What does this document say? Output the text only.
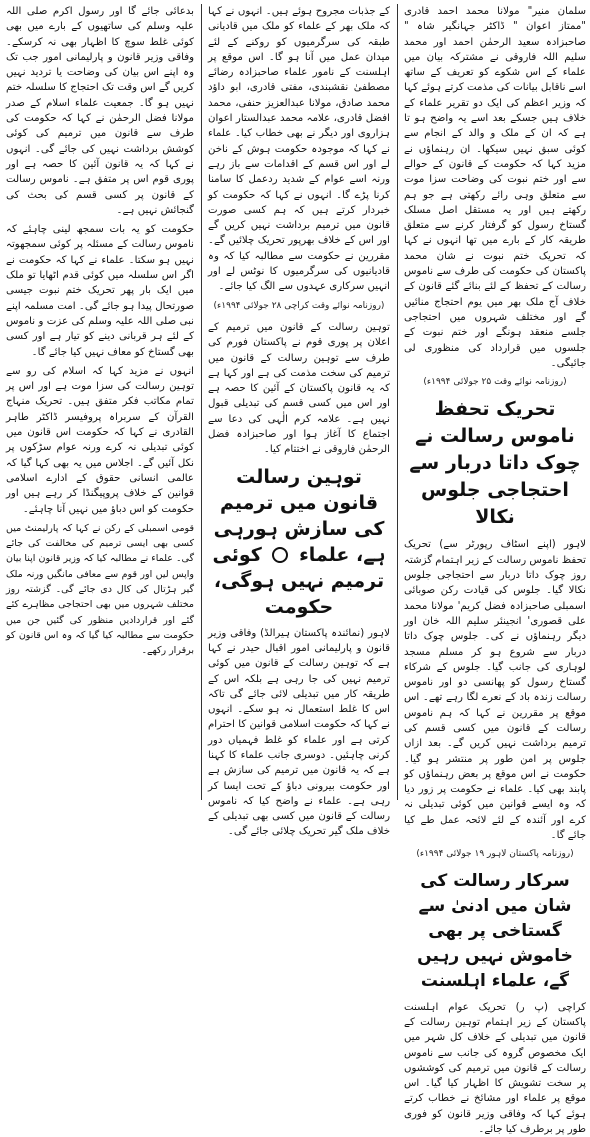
سلمان منیر" مولانا محمد احمد قادری "ممتاز اعوان " ڈاکٹر جہانگیر شاہ " صاحبزادہ سعید الرحمٰن احمد اور محمد سلیم اللہ فاروقی نے مشترکہ بیان میں علماء کے اس شکوے کو تعریف کے ساتھ اسے ناقابل بیانات کی مذمت کرتے ہوئے کہا کہ وزیر اعظم کی ایک دو تقریر علماء کے خلاف ہیں جسکے بعد اسے یہ واضح ہو تا ہے کہ ان کے ملک و والد کے انجام سے کوئی سبق نہیں سیکھا۔ ان رہنماؤں نے مزید کہا کہ حکومت کے قانون کے حوالے سے اور ختم نبوت کی وضاحت سزا موت سے متعلق وہی رائے رکھتی ہے جو ہم رکھتے ہیں اور یہ مستقل اصل مسلک گستاخ رسول کو گرفتار کرنے سے متعلق طریقہ کار کے بارے میں تھا انہوں نے کہا کہ تحریک ختم نبوت نے شان محمد پاکستان کی حکومت کی طرف سے ناموس رسالت کے تحفظ کے لئے بنائے گئے قانون کے خلاف آج ملک بھر میں یوم احتجاج منائیں گے اور مختلف شہروں میں احتجاجی جلسے منعقد ہونگے اور ختم نبوت کے جلسوں میں قرارداد کی منظوری لی جائیگی۔

(روزنامہ نوائے وقت ۲۵ جولائی ۱۹۹۴ء)
تحریک تحفظ ناموس رسالت نے چوک داتا دربار سے احتجاجی جلوس نکالا

لاہور (اپنے اسٹاف رپورٹر سے) تحریک تحفظ ناموس رسالت کے زیر اہتمام گزشتہ روز چوک داتا دربار سے احتجاجی جلوس نکالا گیا۔ جلوس کی قیادت رکن صوبائی اسمبلی صاحبزادہ فضل کریم' مولانا محمد علی قصوری' انجینئر سلیم اللہ خان اور دیگر رہنماؤں نے کی۔ جلوس چوک داتا دربار سے شروع ہو کر مسلم مسجد لوہاری کی جانب گیا۔ جلوس کے شرکاء گستاخ رسول کو پھانسی دو اور ناموس رسالت زندہ باد کے نعرے لگا رہے تھے۔ اس موقع پر مقررین نے کہا کہ ہم ناموس رسالت کے قانون میں کسی قسم کی ترمیم برداشت نہیں کریں گے۔ بعد ازاں جلوس پر امن طور پر منتشر ہو گیا۔ حکومت نے اس موقع پر بعض رہنماؤں کو پابند بھی کیا۔ علماء نے حکومت پر زور دیا کہ وہ ایسے قوانین میں کوئی تبدیلی نہ کرے اور آئندہ کے لئے لائحہ عمل طے کیا جائے گا۔

(روزنامہ پاکستان لاہور ۱۹ جولائی ۱۹۹۴ء)
سرکار رسالت کی شان میں ادنیٰ سے گستاخی پر بھی خاموش نہیں رہیں گے، علماء اہلسنت

کراچی (پ ر) تحریک عوام اہلسنت پاکستان کے زیر اہتمام توہین رسالت کے قانون میں تبدیلی کے خلاف کل شہر میں ایک مخصوص گروہ کی جانب سے ناموس رسالت کے قانون میں ترمیم کی کوششوں پر سخت تشویش کا اظہار کیا گیا۔ اس موقع پر علماء اور مشائخ نے خطاب کرتے ہوئے کہا کہ وفاقی وزیر قانون کو فوری طور پر برطرف کیا جائے۔

کے جذبات مجروح ہوئے ہیں۔ انہوں نے کہا کہ ملک بھر کے علماء کو ملک میں قادیانی طبقہ کی سرگرمیوں کو روکنے کے لئے میدان عمل میں آنا ہو گا۔ اس موقع پر اہلسنت کے نامور علماء صاحبزادہ رضائے مصطفیٰ نقشبندی، مفتی قادری، ابو داؤد محمد صادق، مولانا عبدالعزیز حنفی، محمد افضل قادری، علامہ محمد عبدالستار اعوان ہزاروی اور دیگر نے بھی خطاب کیا۔ علماء نے کہا کہ موجودہ حکومت ہوش کے ناخن لے اور اس قسم کے اقدامات سے باز رہے ورنہ اسے عوام کے شدید ردعمل کا سامنا کرنا پڑے گا۔ انہوں نے کہا کہ حکومت کو خبردار کرتے ہیں کہ ہم کسی صورت قانون میں ترمیم برداشت نہیں کریں گے اور اس کے خلاف بھرپور تحریک چلائیں گے۔ مقررین نے حکومت سے مطالبہ کیا کہ وہ قادیانیوں کی سرگرمیوں کا نوٹس لے اور انہیں سرکاری عہدوں سے الگ کیا جائے۔

(روزنامہ نوائے وقت کراچی ۲۸ جولائی ۱۹۹۴ء)

توہین رسالت کے قانون میں ترمیم کے اعلان پر پوری قوم نے پاکستان فورم کی طرف سے توہین رسالت کے قانون میں ترمیم کی سخت مذمت کی ہے اور کہا ہے کہ یہ قانون پاکستان کے آئین کا حصہ ہے اور اس میں کسی قسم کی تبدیلی قبول نہیں ہے۔ علامہ کرم الٰہی کی دعا سے اجتماع کا آغاز ہوا اور صاحبزادہ فضل الرحمٰن فاروقی نے اختتام کیا۔

توہین رسالت قانون میں ترمیم کی سازش ہورہی ہے، علماء  کوئی ترمیم نہیں ہوگی، حکومت

لاہور (نمائندہ پاکستان ہیرالڈ) وفاقی وزیر قانون و پارلیمانی امور اقبال حیدر نے کہا ہے کہ توہین رسالت کے قانون میں کوئی ترمیم نہیں کی جا رہی ہے بلکہ اس کے طریقہ کار میں تبدیلی لائی جائے گی تاکہ اس کا غلط استعمال نہ ہو سکے۔ انہوں نے کہا کہ حکومت اسلامی قوانین کا احترام کرتی ہے اور علماء کو غلط فہمیاں دور کرنی چاہئیں۔ دوسری جانب علماء کا کہنا ہے کہ یہ قانون میں ترمیم کی سازش ہے اور حکومت بیرونی دباؤ کے تحت ایسا کر رہی ہے۔ علماء نے واضح کیا کہ ناموس رسالت کے قانون میں کسی بھی تبدیلی کے خلاف ملک گیر تحریک چلائی جائے گی۔

بدعائی جائے گا اور رسول اکرم صلی اللہ علیہ وسلم کی ساتھیوں کے بارے میں بھی کوئی غلط سوچ کا اظہار بھی نہ کرسکے۔ وفاقی وزیر قانون و پارلیمانی امور جب تک وہ اپنے اس بیان کی وضاحت یا تردید نہیں کریں گے اس وقت تک احتجاج کا سلسلہ ختم نہیں ہو گا۔ جمعیت علماء اسلام کے صدر مولانا فضل الرحمٰن نے کہا کہ حکومت کی طرف سے قانون میں ترمیم کی کوئی کوشش برداشت نہیں کی جائے گی۔ انہوں نے کہا کہ یہ قانون آئین کا حصہ ہے اور پوری قوم اس پر متفق ہے۔ ناموس رسالت کے قانون پر کسی قسم کی بحث کی گنجائش نہیں ہے۔

حکومت کو یہ بات سمجھ لینی چاہئے کہ ناموس رسالت کے مسئلہ پر کوئی سمجھوتہ نہیں ہو سکتا۔ علماء نے کہا کہ حکومت نے اگر اس سلسلہ میں کوئی قدم اٹھایا تو ملک میں ایک بار پھر تحریک ختم نبوت جیسی صورتحال پیدا ہو جائے گی۔ امت مسلمہ اپنے نبی صلی اللہ علیہ وسلم کی عزت و ناموس کے لئے ہر قربانی دینے کو تیار ہے اور کسی بھی گستاخ کو معاف نہیں کیا جائے گا۔

انہوں نے مزید کہا کہ اسلام کی رو سے توہین رسالت کی سزا موت ہے اور اس پر تمام مکاتب فکر متفق ہیں۔ تحریک منہاج القرآن کے سربراہ پروفیسر ڈاکٹر طاہر القادری نے کہا کہ حکومت اس قانون میں کوئی تبدیلی نہ کرے ورنہ عوام سڑکوں پر نکل آئیں گے۔ اجلاس میں یہ بھی کہا گیا کہ عالمی انسانی حقوق کے ادارے اسلامی قوانین کے خلاف پروپیگنڈا کر رہے ہیں اور حکومت کو اس دباؤ میں نہیں آنا چاہئے۔

قومی اسمبلی کے رکن نے کہا کہ پارلیمنٹ میں کسی بھی ایسی ترمیم کی مخالفت کی جائے گی۔ علماء نے مطالبہ کیا کہ وزیر قانون اپنا بیان واپس لیں اور قوم سے معافی مانگیں ورنہ ملک گیر ہڑتال کی کال دی جائے گی۔ گزشتہ روز مختلف شہروں میں بھی احتجاجی مظاہرے کئے گئے اور قراردادیں منظور کی گئیں جن میں حکومت سے مطالبہ کیا گیا کہ وہ اس قانون کو برقرار رکھے۔
